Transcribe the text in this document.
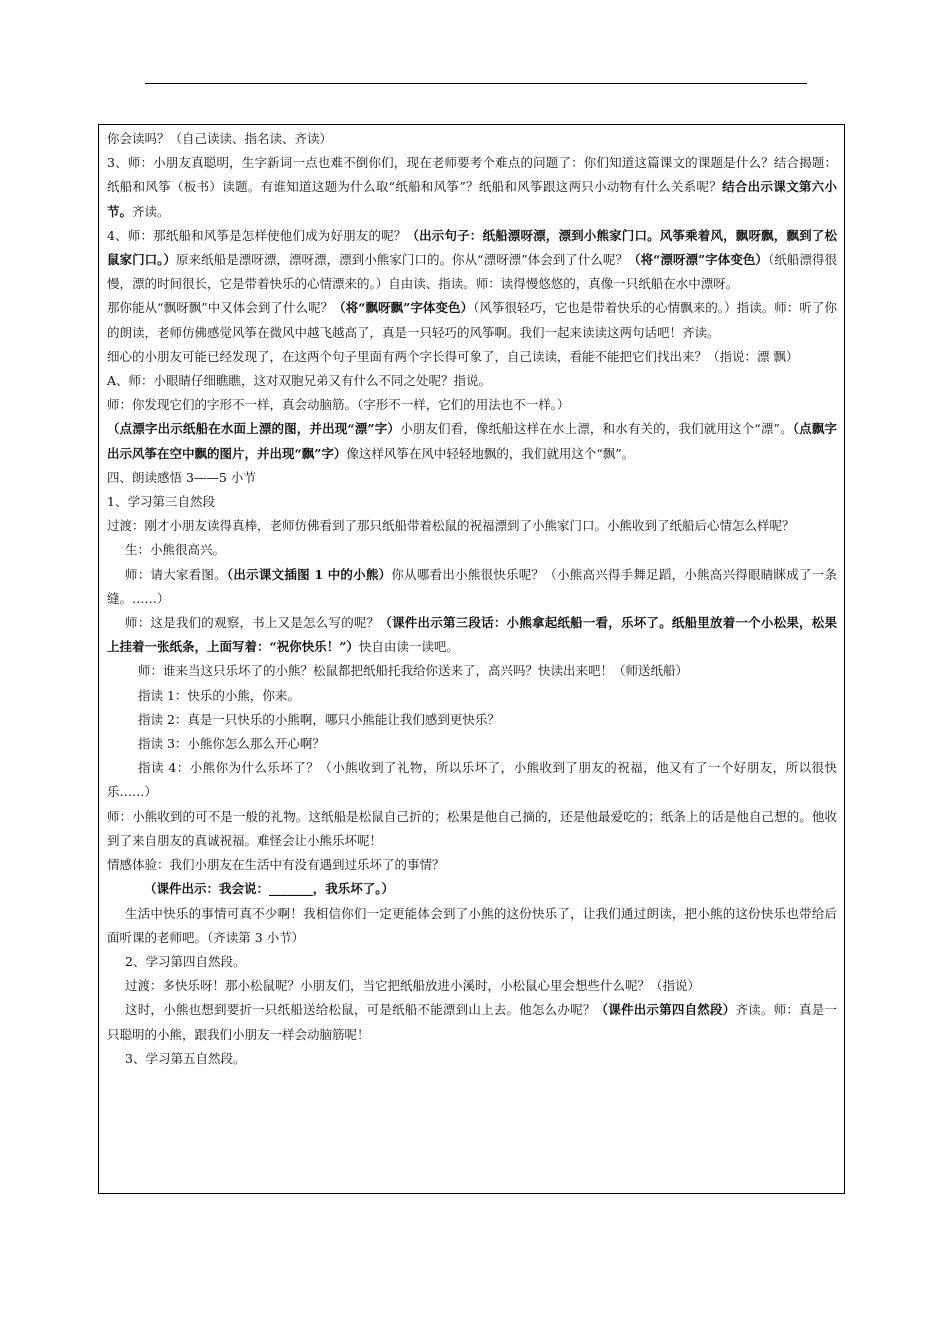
你会读吗？（自己读读、指名读、齐读）

3、师：小朋友真聪明，生字新词一点也难不倒你们，现在老师要考个难点的问题了：你们知道这篇课文的课题是什么？结合揭题：纸船和风筝（板书）读题。有谁知道这题为什么取“纸船和风筝”？纸船和风筝跟这两只小动物有什么关系呢？结合出示课文第六小节。齐读。

4、师：那纸船和风筝是怎样使他们成为好朋友的呢？（出示句子：纸船漂呀漂，漂到小熊家门口。风筝乘着风，飘呀飘，飘到了松鼠家门口。）原来纸船是漂呀漂，漂呀漂，漂到小熊家门口的。你从“漂呀漂”体会到了什么呢？（将“漂呀漂”字体变色）（纸船漂得很慢，漂的时间很长，它是带着快乐的心情漂来的。）自由读、指读。师：读得慢悠悠的，真像一只纸船在水中漂呀。

那你能从“飘呀飘”中又体会到了什么呢？（将“飘呀飘”字体变色）（风筝很轻巧，它也是带着快乐的心情飘来的。）指读。师：听了你的朗读，老师仿佛感觉风筝在微风中越飞越高了，真是一只轻巧的风筝啊。我们一起来读读这两句话吧！齐读。

细心的小朋友可能已经发现了，在这两个句子里面有两个字长得可象了，自己读读，看能不能把它们找出来？（指说：漂 飘）

A、师：小眼睛仔细瞧瞧，这对双胞兄弟又有什么不同之处呢？指说。

师：你发现它们的字形不一样，真会动脑筋。（字形不一样，它们的用法也不一样。）

（点漂字出示纸船在水面上漂的图，并出现“漂”字）小朋友们看，像纸船这样在水上漂，和水有关的，我们就用这个“漂”。（点飘字出示风筝在空中飘的图片，并出现“飘”字）像这样风筝在风中轻轻地飘的，我们就用这个“飘”。

四、朗读感悟 3——5 小节

1、学习第三自然段

过渡：刚才小朋友读得真棒，老师仿佛看到了那只纸船带着松鼠的祝福漂到了小熊家门口。小熊收到了纸船后心情怎么样呢？

生：小熊很高兴。

师：请大家看图。（出示课文插图 1 中的小熊）你从哪看出小熊很快乐呢？（小熊高兴得手舞足蹈，小熊高兴得眼睛眯成了一条缝。……）

师：这是我们的观察，书上又是怎么写的呢？（课件出示第三段话：小熊拿起纸船一看，乐坏了。纸船里放着一个小松果，松果上挂着一张纸条，上面写着：“祝你快乐！”）快自由读一读吧。

师：谁来当这只乐坏了的小熊？松鼠都把纸船托我给你送来了，高兴吗？快读出来吧！（师送纸船）

指读 1：快乐的小熊，你来。

指读 2：真是一只快乐的小熊啊，哪只小熊能让我们感到更快乐？

指读 3：小熊你怎么那么开心啊？

指读 4：小熊你为什么乐坏了？（小熊收到了礼物，所以乐坏了，小熊收到了朋友的祝福，他又有了一个好朋友，所以很快乐……）

师：小熊收到的可不是一般的礼物。这纸船是松鼠自己折的；松果是他自己摘的，还是他最爱吃的；纸条上的话是他自己想的。他收到了来自朋友的真诚祝福。难怪会让小熊乐坏呢！

情感体验：我们小朋友在生活中有没有遇到过乐坏了的事情？

（课件出示：我会说：_______，我乐坏了。）

生活中快乐的事情可真不少啊！我相信你们一定更能体会到了小熊的这份快乐了，让我们通过朗读，把小熊的这份快乐也带给后面听课的老师吧。（齐读第 3 小节）

2、学习第四自然段。

过渡：多快乐呀！那小松鼠呢？小朋友们，当它把纸船放进小溪时，小松鼠心里会想些什么呢？（指说）

这时，小熊也想到要折一只纸船送给松鼠，可是纸船不能漂到山上去。他怎么办呢？（课件出示第四自然段）齐读。师：真是一只聪明的小熊，跟我们小朋友一样会动脑筋呢！

3、学习第五自然段。
